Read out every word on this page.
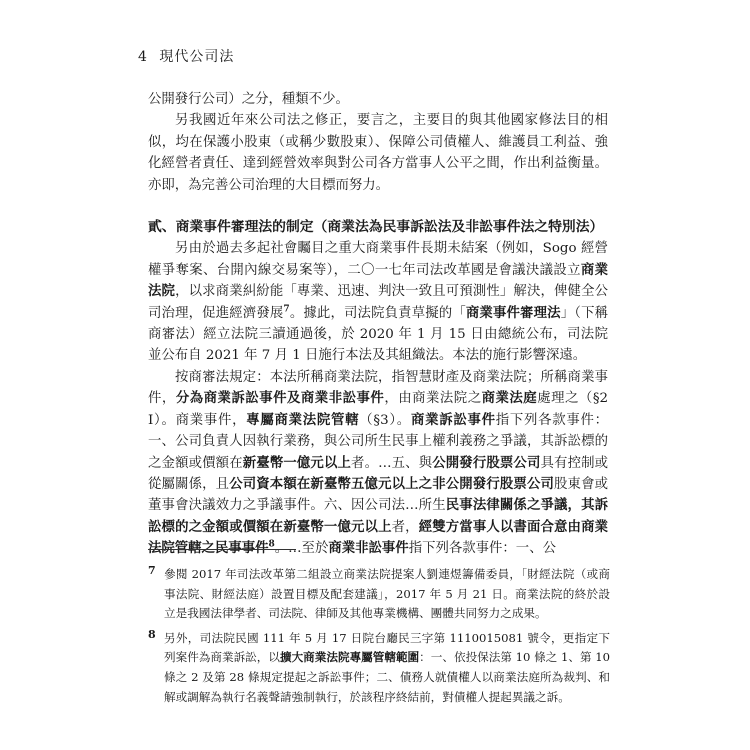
4 現代公司法

公開發行公司）之分，種類不少。

另我國近年來公司法之修正，要言之，主要目的與其他國家修法目的相似，均在保護小股東（或稱少數股東）、保障公司債權人、維護員工利益、強化經營者責任、達到經營效率與對公司各方當事人公平之間，作出利益衡量。亦即，為完善公司治理的大目標而努力。

貳、商業事件審理法的制定（商業法為民事訴訟法及非訟事件法之特別法）

另由於過去多起社會矚目之重大商業事件長期未結案（例如，Sogo 經營權爭奪案、台開內線交易案等），二〇一七年司法改革國是會議決議設立商業法院，以求商業糾紛能「專業、迅速、判決一致且可預測性」解決，俾健全公司治理，促進經濟發展$^7$。據此，司法院負責草擬的「商業事件審理法」（下稱商審法）經立法院三讀通過後，於 2020 年 1 月 15 日由總統公布，司法院並公布自 2021 年 7 月 1 日施行本法及其組織法。本法的施行影響深遠。

按商審法規定：本法所稱商業法院，指智慧財產及商業法院；所稱商業事件，分為商業訴訟事件及商業非訟事件，由商業法院之商業法庭處理之（§2 I）。商業事件，專屬商業法院管轄（§3）。商業訴訟事件指下列各款事件：一、公司負責人因執行業務，與公司所生民事上權利義務之爭議，其訴訟標的之金額或價額在新臺幣一億元以上者。…五、與公開發行股票公司具有控制或從屬關係，且公司資本額在新臺幣五億元以上之非公開發行股票公司股東會或董事會決議效力之爭議事件。六、因公司法…所生民事法律關係之爭議，其訴訟標的之金額或價額在新臺幣一億元以上者，經雙方當事人以書面合意由商業法院管轄之民事事件$^8$。…至於商業非訟事件指下列各款事件：一、公

7 參閱 2017 年司法改革第二組設立商業法院提案人劉連煜籌備委員，「財經法院（或商事法院、財經法庭）設置目標及配套建議」，2017 年 5 月 21 日。商業法院的終於設立是我國法律學者、司法院、律師及其他專業機構、團體共同努力之成果。
8 另外，司法院民國 111 年 5 月 17 日院台廳民三字第 1110015081 號令，更指定下列案件為商業訴訟，以擴大商業法院專屬管轄範圍：一、依投保法第 10 條之 1、第 10 條之 2 及第 28 條規定提起之訴訟事件；二、債務人就債權人以商業法庭所為裁判、和解或調解為執行名義聲請強制執行，於該程序終結前，對債權人提起異議之訴。
